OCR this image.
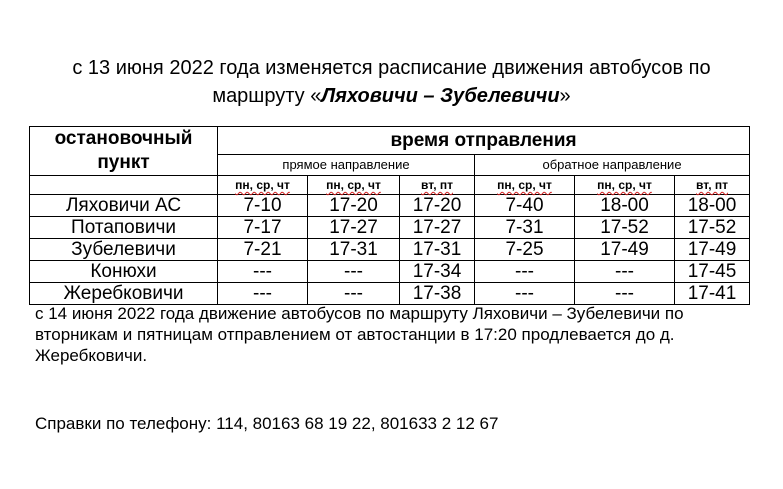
с 13 июня 2022 года изменяется расписание движения автобусов по
маршруту «Ляховичи – Зубелевичи»
остановочный пункт	время отправления					
	прямое направление			обратное направление		
	пн, ср, чт	пн, ср, чт	вт, пт	пн, ср, чт	пн, ср, чт	вт, пт
Ляховичи АС	7-10	17-20	17-20	7-40	18-00	18-00
Потаповичи	7-17	17-27	17-27	7-31	17-52	17-52
Зубелевичи	7-21	17-31	17-31	7-25	17-49	17-49
Конюхи	---	---	17-34	---	---	17-45
Жеребковичи	---	---	17-38	---	---	17-41
с 14 июня 2022 года движение автобусов по маршруту Ляховичи – Зубелевичи по вторникам и пятницам отправлением от автостанции в 17:20 продлевается до д. Жеребковичи.
Справки по телефону: 114, 80163 68 19 22, 801633 2 12 67
